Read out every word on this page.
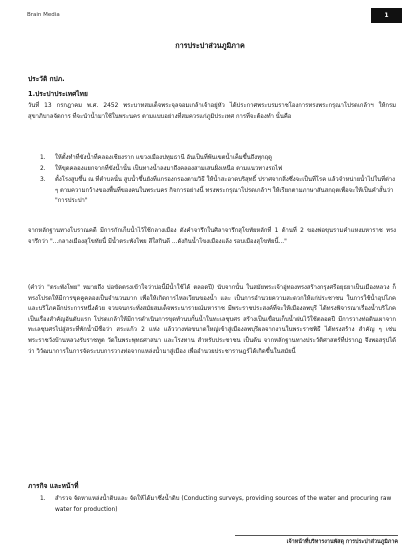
Brain Media	1
การประปาส่วนภูมิภาค
ประวัติ กปภ.
1.ประปาประเทศไทย

วันที่ 13 กรกฎาคม พ.ศ. 2452 พระบาทสมเด็จพระจุลจอมเกล้าเจ้าอยู่หัว ได้ประกาศพระบรมราชโองการทรงพระกรุณาโปรดเกล้าฯ ให้กรมสุขาภิบาลจัดการ ที่จะนำน้ำมาใช้ในพระนคร ตามแบบอย่างที่สมควรแก่ภูมิประเทศ การที่จะต้องทำ นั้นคือ

1. ให้ตั้งทำที่ขังน้ำที่คลองเชียงราก แขวงเมืองปทุมธานี อันเป็นที่พ้นเขตน้ำเค็มขึ้นถึงทุกฤดู
2. ให้ขุดคลองแยกจากที่ขังน้ำนั้น เป็นทางน้ำลงมาถึงคลองสามเสนฝั่งเหนือ ตามแนวทางรถไฟ
3. ตั้งโรงสูบขึ้น ณ ที่ตำบลนั้น สูบน้ำขึ้นยังที่แกรองกรองตามวิธี ให้น้ำสะอาดบริสุทธิ์ ปราศจากสิ่งซึ่งจะเป็นที่โรค แล้วจำหน่ายน้ำไปในที่ต่าง ๆ ตามความกว้างของพื้นที่ของคนในพระนคร กิจการอย่างนี้ ทรงพระกรุณาโปรดเกล้าฯ ให้เรียกตามภาษาสันสกฤตเพื่อจะให้เป็นคำสั้นว่า "การประปา"

จากหลักฐานทางโบราณคดี มีการกักเก็บน้ำไว้ใช้กลางเมือง ดังคำจารึกในศิลาจารึกสุโขทัยหลักที่ 1 ด้านที่ 2 ของพ่อขุนรามคำแหงมหาราช ทรงจารึกว่า "...กลางเมืองสุโขทัยนี้ มีน้ำตระพังโพย สีใสกินดี ...ดังกินน้ำโขงเมืองแล้ง รอบเมืองสุโขทัยนี้..."

(คำว่า "ตระพังโพย" หมายถึง บ่อขัดตรงเข้าใจว่าบ่อนี้มีน้ำใช้ได้ ตลอดปี) นับจากนั้น ในสมัยพระเจ้าอู่ทองทรงสร้างกรุงศรีอยุธยาเป็นเมืองหลวง ก็ทรงโปรดให้มีการขุดคูคลองเป็นจำนวนมาก เพื่อให้เกิดการไหลเวียนของน้ำ และ เป็นการอำนวยความสะดวกให้แก่ประชาชน ในการใช้น้ำอุปโภคและบริโภคอีกประการหนึ่งด้วย จวบจนกระทั่งสมัยสมเด็จพระนารายณ์มหาราช มีพระราชประสงค์ที่จะให้เมืองลพบุรี ได้ทรงพิจารณาเรื่องน้ำบริโภคเป็นเรื่องสำคัญอันดับแรก โปรดเกล้าให้มีการดำเนินการขุดทำนบกั้นน้ำในทะเลชุบศร สร้างเป็นเขื่อนเก็บน้ำฝนไว้ใช้ตลอดปี มีการวางท่อดินเผาจากทะเลชุบศรไปสู่สระที่พักน้ำมีชื่อว่า สระแก้ว 2 แห่ง แล้ววางท่อขนาดใหญ่เข้าสู่เมืองลพบุรีผลจากงานในพระราชพิธี ได้ทรงสร้าง สำคัญ ๆ เช่น พระราชวังบ้านหลวงรับราชทูต วัดในพระพุทธศาสนา และโรงทาน สำหรับประชาชน เป็นต้น จากหลักฐานทางประวัติศาสตร์ที่ปรากฏ จึงพอสรุปได้ว่า วิวัฒนาการในการจัดระบบการวางท่อจากแหล่งน้ำมาสู่เมือง เพื่ออำนวยประชาราษฎร์ได้เกิดขึ้นในสมัยนี้

ภารกิจ และหน้าที่
1. สำรวจ จัดหาแหล่งน้ำดิบและ จัดให้ได้มาซึ่งน้ำดิบ (Conducting surveys, providing sources of the water and procuring raw water for production)
เจ้าหน้าที่บริหารงานพัสดุ การประปาส่วนภูมิภาค
